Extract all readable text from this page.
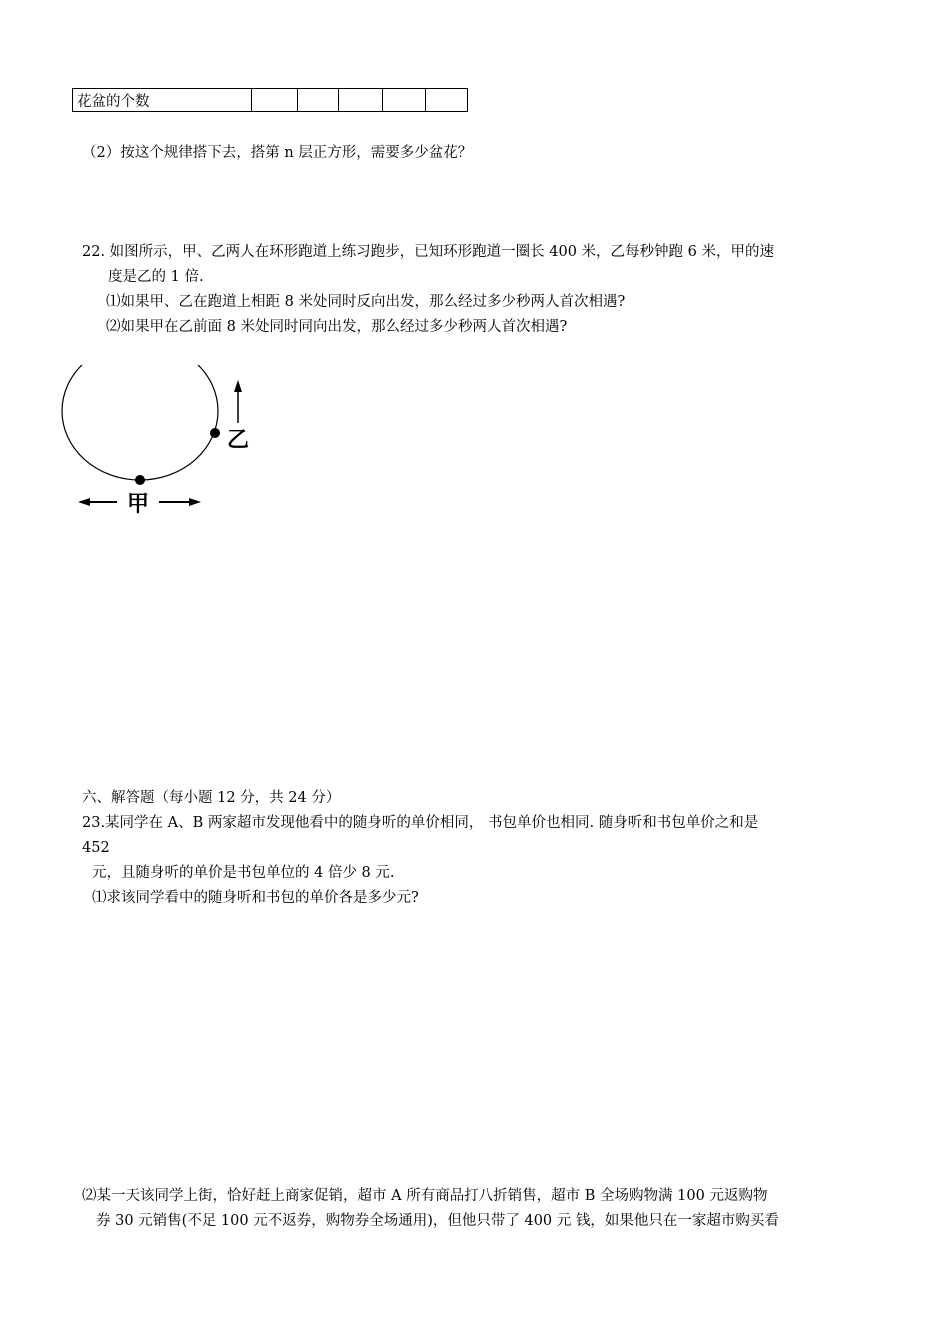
花盆的个数					
（2）按这个规律搭下去，搭第 n 层正方形，需要多少盆花？
22. 如图所示，甲、乙两人在环形跑道上练习跑步，已知环形跑道一圈长 400 米，乙每秒钟跑 6 米，甲的速
度是乙的 1 倍.
⑴如果甲、乙在跑道上相距 8 米处同时反向出发，那么经过多少秒两人首次相遇?
⑵如果甲在乙前面 8 米处同时同向出发，那么经过多少秒两人首次相遇?
乙
甲
六、解答题（每小题 12 分，共 24 分）
23.某同学在 A、B 两家超市发现他看中的随身听的单价相同， 书包单价也相同. 随身听和书包单价之和是
452
元，且随身听的单价是书包单位的 4 倍少 8 元.
⑴求该同学看中的随身听和书包的单价各是多少元?
⑵某一天该同学上街，恰好赶上商家促销，超市 A 所有商品打八折销售，超市 B 全场购物满 100 元返购物
券 30 元销售(不足 100 元不返券，购物券全场通用)，但他只带了 400 元 钱，如果他只在一家超市购买看
